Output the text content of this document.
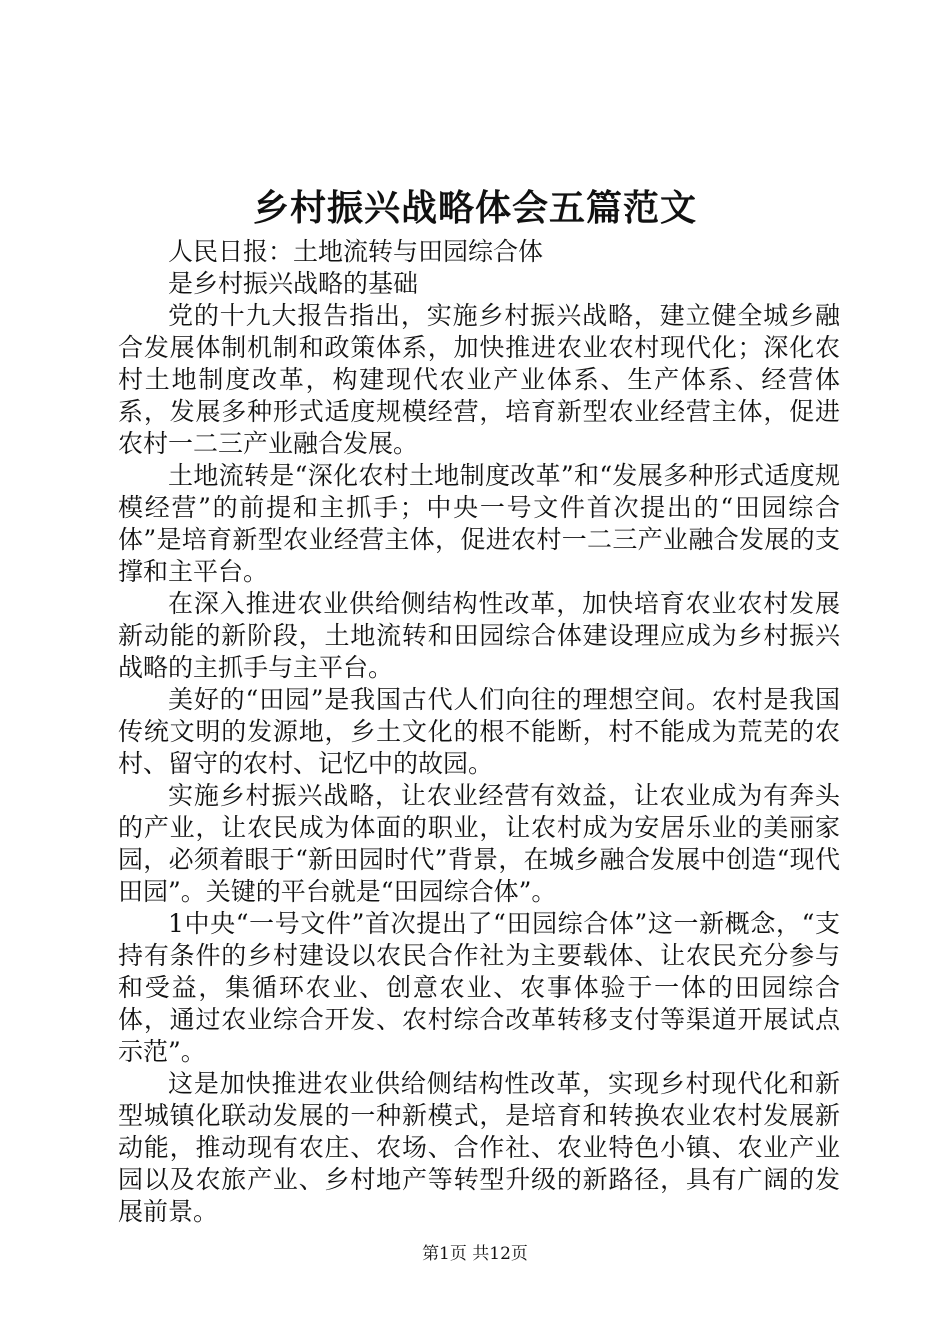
乡村振兴战略体会五篇范文

人民日报：土地流转与田园综合体

是乡村振兴战略的基础

党的十九大报告指出，实施乡村振兴战略，建立健全城乡融合发展体制机制和政策体系，加快推进农业农村现代化；深化农村土地制度改革，构建现代农业产业体系、生产体系、经营体系，发展多种形式适度规模经营，培育新型农业经营主体，促进农村一二三产业融合发展。

土地流转是“深化农村土地制度改革”和“发展多种形式适度规模经营”的前提和主抓手；中央一号文件首次提出的“田园综合体”是培育新型农业经营主体，促进农村一二三产业融合发展的支撑和主平台。

在深入推进农业供给侧结构性改革，加快培育农业农村发展新动能的新阶段，土地流转和田园综合体建设理应成为乡村振兴战略的主抓手与主平台。

美好的“田园”是我国古代人们向往的理想空间。农村是我国传统文明的发源地，乡土文化的根不能断，村不能成为荒芜的农村、留守的农村、记忆中的故园。

实施乡村振兴战略，让农业经营有效益，让农业成为有奔头的产业，让农民成为体面的职业，让农村成为安居乐业的美丽家园，必须着眼于“新田园时代”背景，在城乡融合发展中创造“现代田园”。关键的平台就是“田园综合体”。

1中央“一号文件”首次提出了“田园综合体”这一新概念，“支持有条件的乡村建设以农民合作社为主要载体、让农民充分参与和受益，集循环农业、创意农业、农事体验于一体的田园综合体，通过农业综合开发、农村综合改革转移支付等渠道开展试点示范”。

这是加快推进农业供给侧结构性改革，实现乡村现代化和新型城镇化联动发展的一种新模式，是培育和转换农业农村发展新动能，推动现有农庄、农场、合作社、农业特色小镇、农业产业园以及农旅产业、乡村地产等转型升级的新路径，具有广阔的发展前景。

第1页 共12页
